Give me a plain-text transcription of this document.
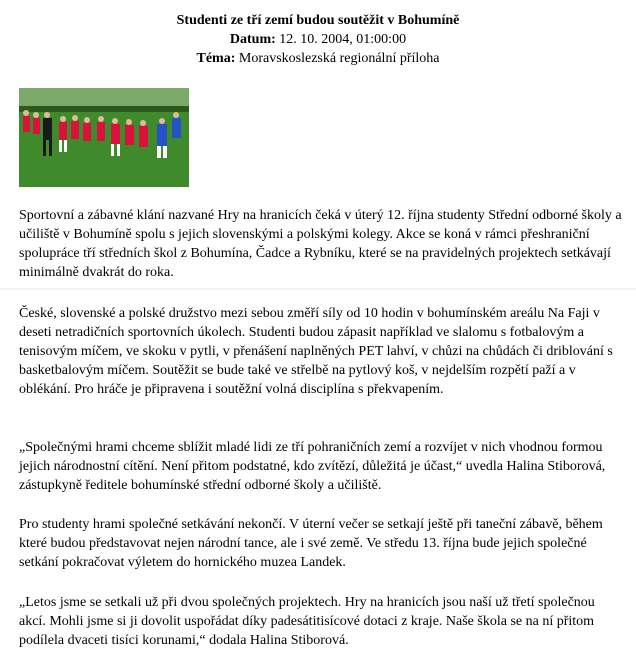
Studenti ze tří zemí budou soutěžit v Bohumíně
Datum: 12. 10. 2004, 01:00:00
Téma: Moravskoslezská regionální příloha
Sportovní a zábavné klání nazvané Hry na hranicích čeká v úterý 12. října studenty Střední odborné školy a učiliště v Bohumíně spolu s jejich slovenskými a polskými kolegy. Akce se koná v rámci přeshraniční spolupráce tří středních škol z Bohumína, Čadce a Rybníku, které se na pravidelných projektech setkávají minimálně dvakrát do roka.
České, slovenské a polské družstvo mezi sebou změří síly od 10 hodin v bohumínském areálu Na Faji v deseti netradičních sportovních úkolech. Studenti budou zápasit například ve slalomu s fotbalovým a tenisovým míčem, ve skoku v pytli, v přenášení naplněných PET lahví, v chůzi na chůdách či driblování s basketbalovým míčem. Soutěžit se bude také ve střelbě na pytlový koš, v nejdelším rozpětí paží a v oblékání. Pro hráče je připravena i soutěžní volná disciplína s překvapením.
„Společnými hrami chceme sblížit mladé lidi ze tří pohraničních zemí a rozvíjet v nich vhodnou formou jejich národnostní cítění. Není přitom podstatné, kdo zvítězí, důležitá je účast,“ uvedla Halina Stiborová, zástupkyně ředitele bohumínské střední odborné školy a učiliště.
Pro studenty hrami společné setkávání nekončí. V úterní večer se setkají ještě při taneční zábavě, během které budou představovat nejen národní tance, ale i své země. Ve středu 13. října bude jejich společné setkání pokračovat výletem do hornického muzea Landek.
„Letos jsme se setkali už při dvou společných projektech. Hry na hranicích jsou naší už třetí společnou akcí. Mohli jsme si ji dovolit uspořádat díky padesátitisícové dotaci z kraje. Naše škola se na ní přitom podílela dvaceti tisíci korunami,“ dodala Halina Stiborová.
